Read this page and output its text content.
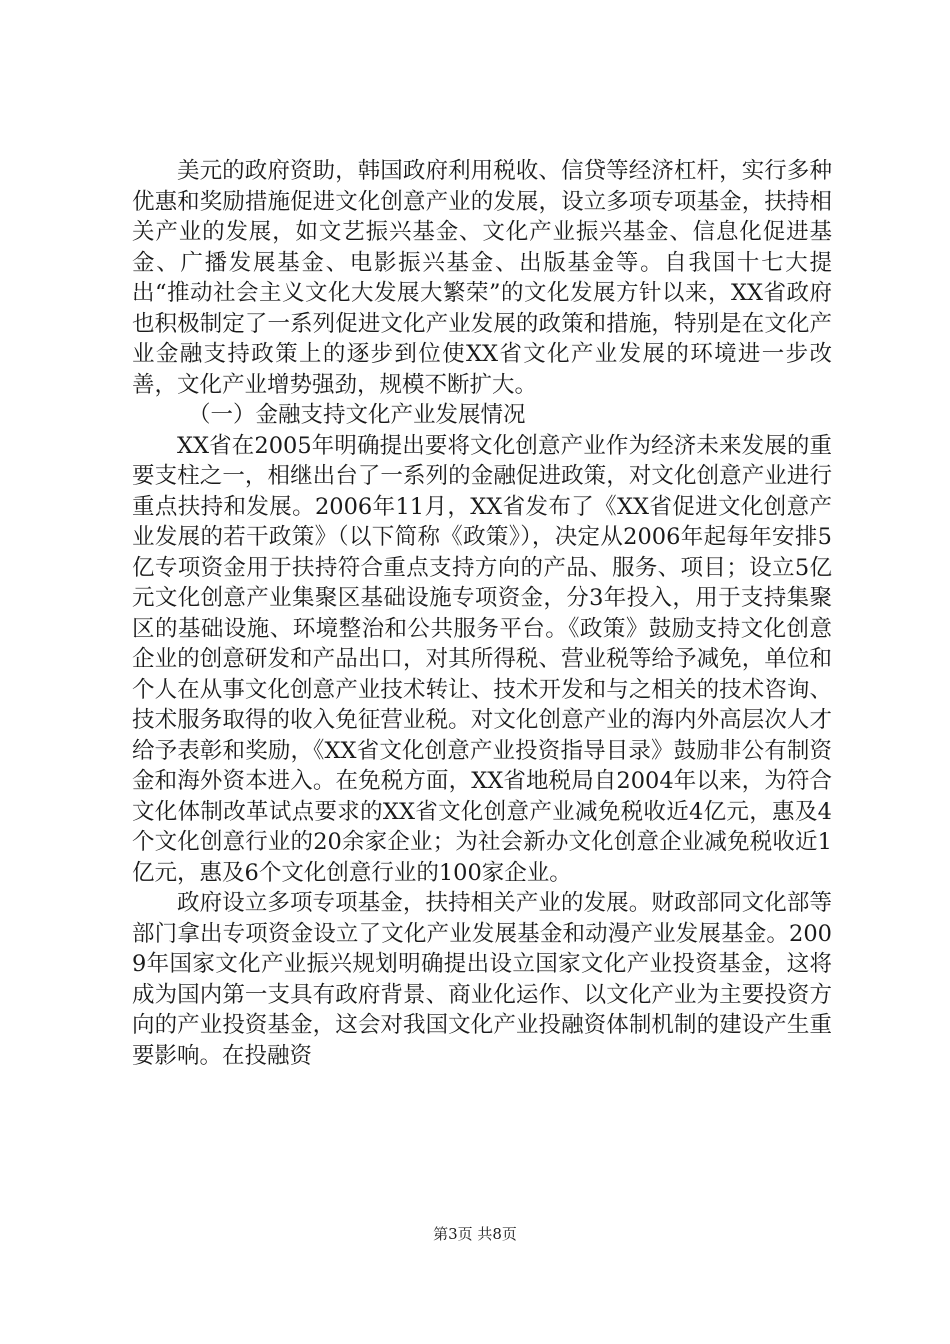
美元的政府资助，韩国政府利用税收、信贷等经济杠杆，实行多种优惠和奖励措施促进文化创意产业的发展，设立多项专项基金，扶持相关产业的发展，如文艺振兴基金、文化产业振兴基金、信息化促进基金、广播发展基金、电影振兴基金、出版基金等。自我国十七大提出“推动社会主义文化大发展大繁荣”的文化发展方针以来，XX省政府也积极制定了一系列促进文化产业发展的政策和措施，特别是在文化产业金融支持政策上的逐步到位使XX省文化产业发展的环境进一步改善，文化产业增势强劲，规模不断扩大。

（一）金融支持文化产业发展情况

XX省在2005年明确提出要将文化创意产业作为经济未来发展的重要支柱之一，相继出台了一系列的金融促进政策，对文化创意产业进行重点扶持和发展。2006年11月，XX省发布了《XX省促进文化创意产业发展的若干政策》（以下简称《政策》），决定从2006年起每年安排5亿专项资金用于扶持符合重点支持方向的产品、服务、项目；设立5亿元文化创意产业集聚区基础设施专项资金，分3年投入，用于支持集聚区的基础设施、环境整治和公共服务平台。《政策》鼓励支持文化创意企业的创意研发和产品出口，对其所得税、营业税等给予减免，单位和个人在从事文化创意产业技术转让、技术开发和与之相关的技术咨询、技术服务取得的收入免征营业税。对文化创意产业的海内外高层次人才给予表彰和奖励，《XX省文化创意产业投资指导目录》鼓励非公有制资金和海外资本进入。在免税方面，XX省地税局自2004年以来，为符合文化体制改革试点要求的XX省文化创意产业减免税收近4亿元，惠及4个文化创意行业的20余家企业；为社会新办文化创意企业减免税收近1亿元，惠及6个文化创意行业的100家企业。

政府设立多项专项基金，扶持相关产业的发展。财政部同文化部等部门拿出专项资金设立了文化产业发展基金和动漫产业发展基金。2009年国家文化产业振兴规划明确提出设立国家文化产业投资基金，这将成为国内第一支具有政府背景、商业化运作、以文化产业为主要投资方向的产业投资基金，这会对我国文化产业投融资体制机制的建设产生重要影响。在投融资

第3页 共8页
